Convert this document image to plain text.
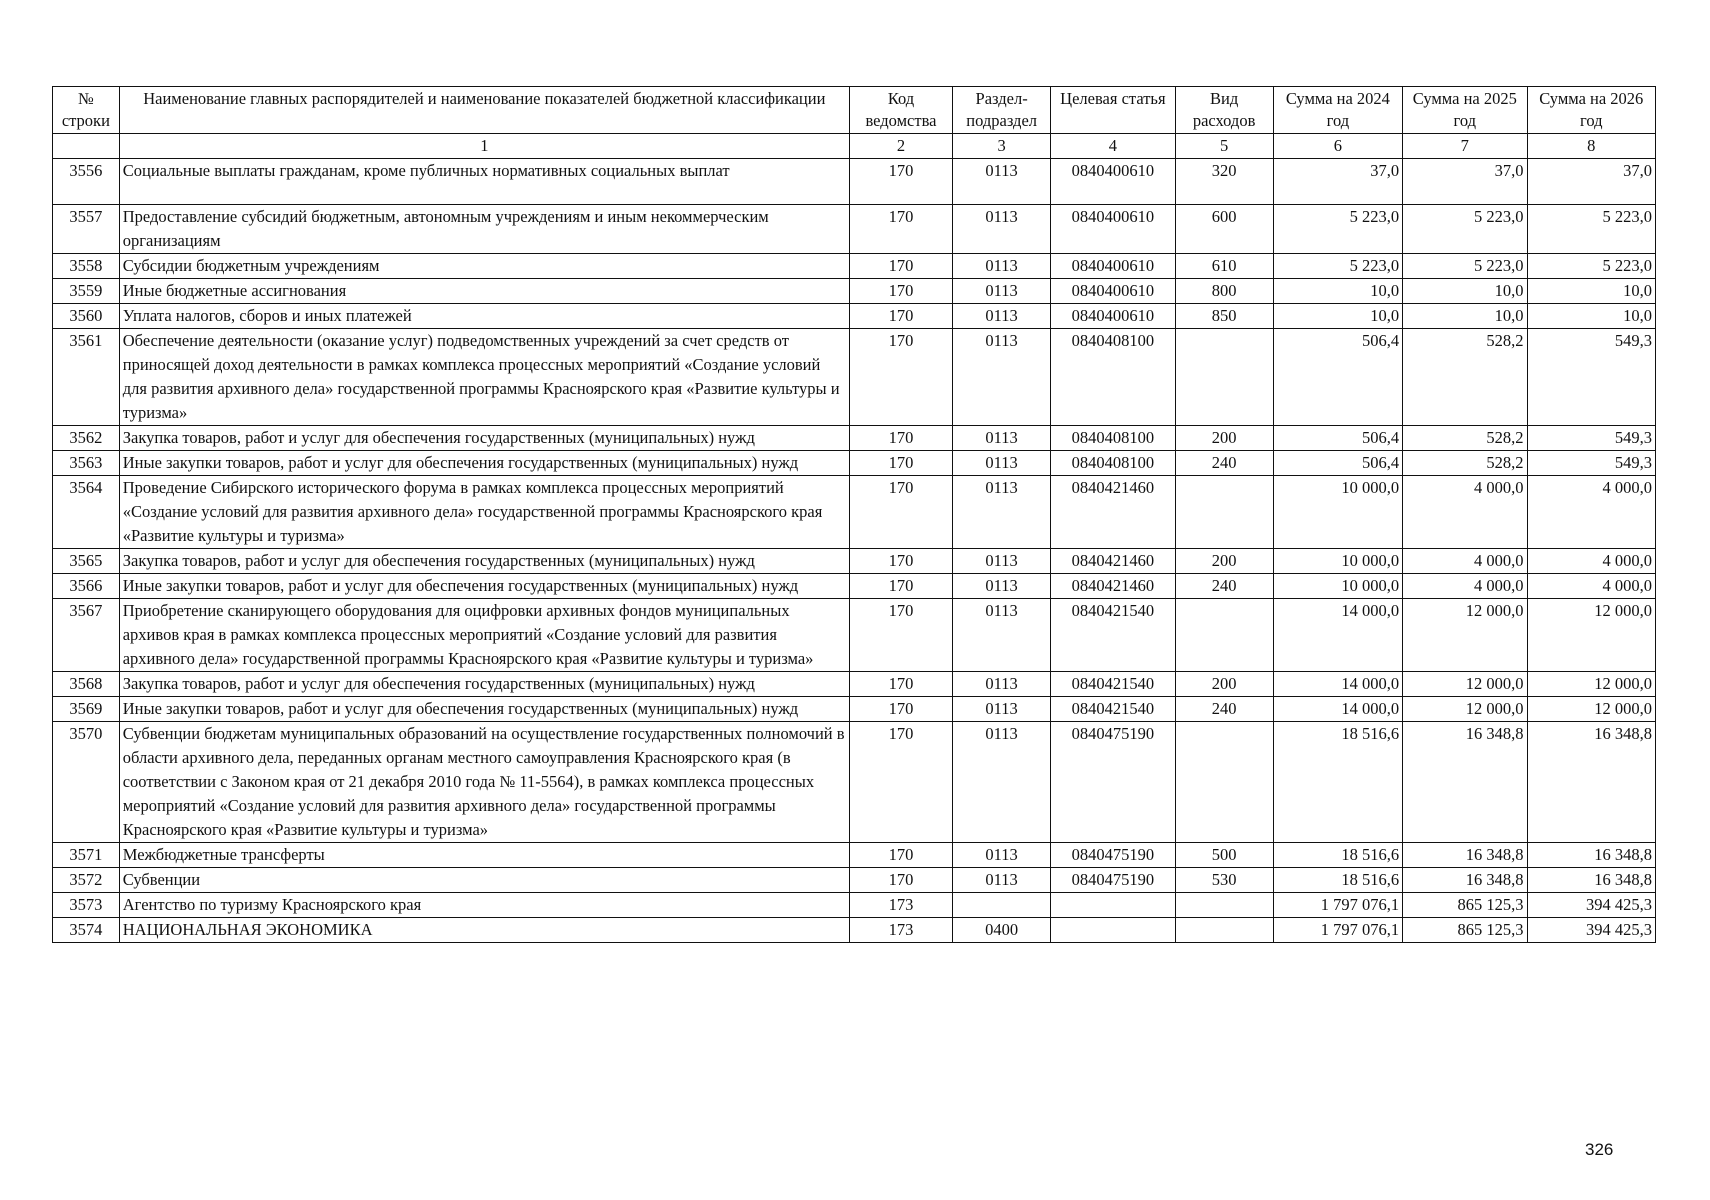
№ строки	Наименование главных распорядителей и наименование показателей бюджетной классификации	Код ведомства	Раздел- подраздел	Целевая статья	Вид расходов	Сумма на 2024 год	Сумма на 2025 год	Сумма на 2026 год
	1	2	3	4	5	6	7	8
3556	Социальные выплаты гражданам, кроме публичных нормативных социальных выплат	170	0113	0840400610	320	37,0	37,0	37,0
3557	Предоставление субсидий бюджетным, автономным учреждениям и иным некоммерческим организациям	170	0113	0840400610	600	5 223,0	5 223,0	5 223,0
3558	Субсидии бюджетным учреждениям	170	0113	0840400610	610	5 223,0	5 223,0	5 223,0
3559	Иные бюджетные ассигнования	170	0113	0840400610	800	10,0	10,0	10,0
3560	Уплата налогов, сборов и иных платежей	170	0113	0840400610	850	10,0	10,0	10,0
3561	Обеспечение деятельности (оказание услуг) подведомственных учреждений за счет средств от приносящей доход деятельности в рамках комплекса процессных мероприятий «Создание условий для развития архивного дела» государственной программы Красноярского края «Развитие культуры и туризма»	170	0113	0840408100		506,4	528,2	549,3
3562	Закупка товаров, работ и услуг для обеспечения государственных (муниципальных) нужд	170	0113	0840408100	200	506,4	528,2	549,3
3563	Иные закупки товаров, работ и услуг для обеспечения государственных (муниципальных) нужд	170	0113	0840408100	240	506,4	528,2	549,3
3564	Проведение Сибирского исторического форума в рамках комплекса процессных мероприятий «Создание условий для развития архивного дела» государственной программы Красноярского края «Развитие культуры и туризма»	170	0113	0840421460		10 000,0	4 000,0	4 000,0
3565	Закупка товаров, работ и услуг для обеспечения государственных (муниципальных) нужд	170	0113	0840421460	200	10 000,0	4 000,0	4 000,0
3566	Иные закупки товаров, работ и услуг для обеспечения государственных (муниципальных) нужд	170	0113	0840421460	240	10 000,0	4 000,0	4 000,0
3567	Приобретение сканирующего оборудования для оцифровки архивных фондов муниципальных архивов края в рамках комплекса процессных мероприятий «Создание условий для развития архивного дела» государственной программы Красноярского края «Развитие культуры и туризма»	170	0113	0840421540		14 000,0	12 000,0	12 000,0
3568	Закупка товаров, работ и услуг для обеспечения государственных (муниципальных) нужд	170	0113	0840421540	200	14 000,0	12 000,0	12 000,0
3569	Иные закупки товаров, работ и услуг для обеспечения государственных (муниципальных) нужд	170	0113	0840421540	240	14 000,0	12 000,0	12 000,0
3570	Субвенции бюджетам муниципальных образований на осуществление государственных полномочий в области архивного дела, переданных органам местного самоуправления Красноярского края (в соответствии с Законом края от 21 декабря 2010 года № 11-5564), в рамках комплекса процессных мероприятий «Создание условий для развития архивного дела» государственной программы Красноярского края «Развитие культуры и туризма»	170	0113	0840475190		18 516,6	16 348,8	16 348,8
3571	Межбюджетные трансферты	170	0113	0840475190	500	18 516,6	16 348,8	16 348,8
3572	Субвенции	170	0113	0840475190	530	18 516,6	16 348,8	16 348,8
3573	Агентство по туризму Красноярского края	173				1 797 076,1	865 125,3	394 425,3
3574	НАЦИОНАЛЬНАЯ ЭКОНОМИКА	173	0400			1 797 076,1	865 125,3	394 425,3
326
